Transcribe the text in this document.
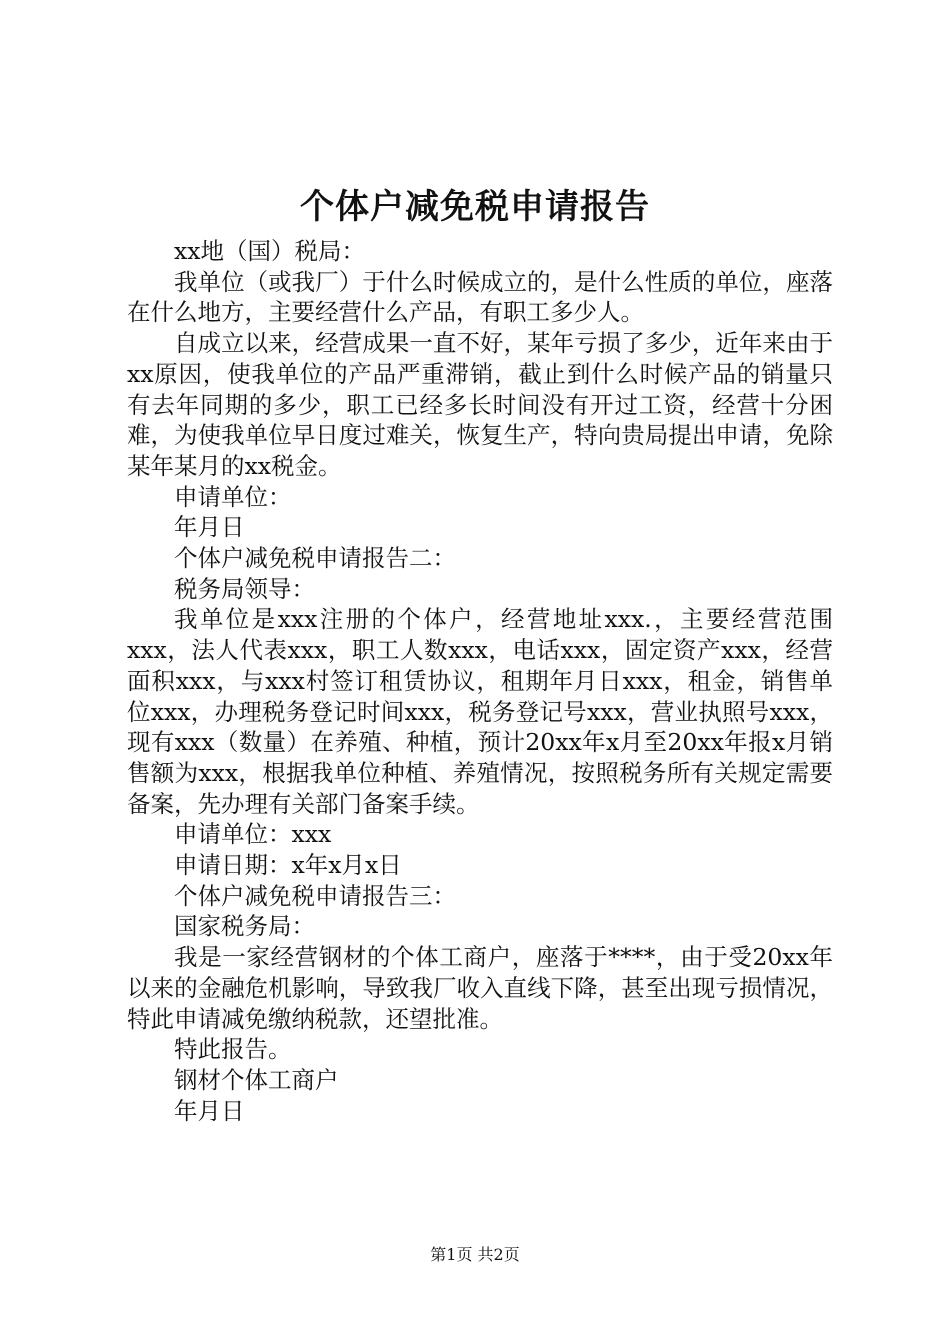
个体户减免税申请报告

xx地（国）税局：

我单位（或我厂）于什么时候成立的，是什么性质的单位，座落在什么地方，主要经营什么产品，有职工多少人。

自成立以来，经营成果一直不好，某年亏损了多少，近年来由于xx原因，使我单位的产品严重滞销，截止到什么时候产品的销量只有去年同期的多少，职工已经多长时间没有开过工资，经营十分困难，为使我单位早日度过难关，恢复生产，特向贵局提出申请，免除某年某月的xx税金。

申请单位：

年月日

个体户减免税申请报告二：

税务局领导：

我单位是xxx注册的个体户，经营地址xxx.，主要经营范围xxx，法人代表xxx，职工人数xxx，电话xxx，固定资产xxx，经营面积xxx，与xxx村签订租赁协议，租期年月日xxx，租金，销售单位xxx，办理税务登记时间xxx，税务登记号xxx，营业执照号xxx，现有xxx（数量）在养殖、种植，预计20xx年x月至20xx年报x月销售额为xxx，根据我单位种植、养殖情况，按照税务所有关规定需要备案，先办理有关部门备案手续。

申请单位：xxx

申请日期：x年x月x日

个体户减免税申请报告三：

国家税务局：

我是一家经营钢材的个体工商户，座落于****，由于受20xx年以来的金融危机影响，导致我厂收入直线下降，甚至出现亏损情况，特此申请减免缴纳税款，还望批准。

特此报告。

钢材个体工商户

年月日

第1页 共2页
